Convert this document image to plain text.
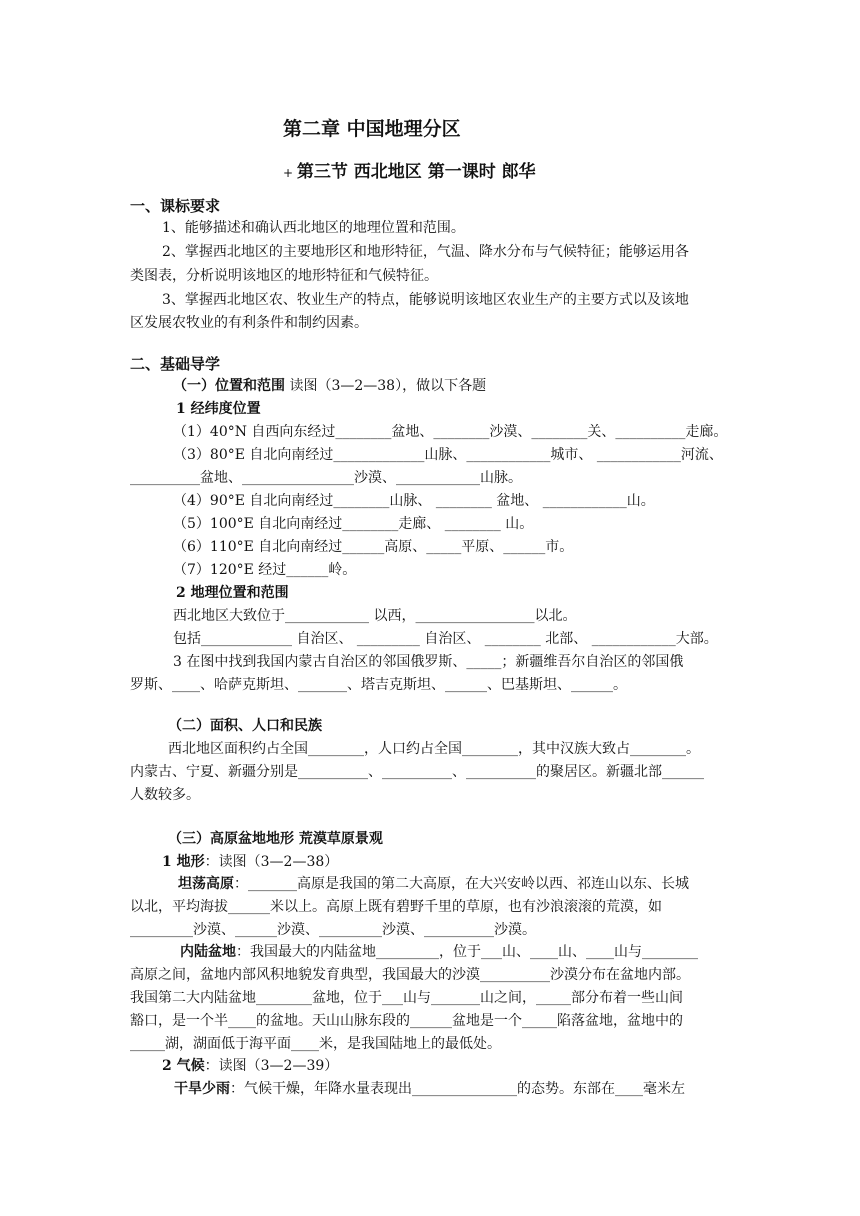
第二章 中国地理分区
+ 第三节 西北地区 第一课时 郎华
一、课标要求
1、能够描述和确认西北地区的地理位置和范围。
2、掌握西北地区的主要地形区和地形特征，气温、降水分布与气候特征；能够运用各
类图表，分析说明该地区的地形特征和气候特征。
3、掌握西北地区农、牧业生产的特点，能够说明该地区农业生产的主要方式以及该地
区发展农牧业的有利条件和制约因素。
二、基础导学
（一）位置和范围 读图（3—2—38），做以下各题
1 经纬度位置
（1）40°N 自西向东经过________盆地、________沙漠、________关、__________走廊。
（3）80°E 自北向南经过_____________山脉、____________城市、 ____________河流、
__________盆地、________________沙漠、____________山脉。
（4）90°E 自北向南经过________山脉、 ________ 盆地、 ____________山。
（5）100°E 自北向南经过________走廊、 ________ 山。
（6）110°E 自北向南经过______高原、_____平原、______市。
（7）120°E 经过______岭。
2 地理位置和范围
西北地区大致位于____________ 以西，_________________以北。
包括_____________ 自治区、 _________ 自治区、 ________ 北部、 ____________大部。
3 在图中找到我国内蒙古自治区的邻国俄罗斯、_____；新疆维吾尔自治区的邻国俄
罗斯、____、哈萨克斯坦、_______、塔吉克斯坦、______、巴基斯坦、______。
（二）面积、人口和民族
西北地区面积约占全国________，人口约占全国________，其中汉族大致占________。
内蒙古、宁夏、新疆分别是__________、__________、__________的聚居区。新疆北部______
人数较多。
（三）高原盆地地形 荒漠草原景观
1 地形：读图（3—2—38）
坦荡高原：_______高原是我国的第二大高原，在大兴安岭以西、祁连山以东、长城
以北，平均海拔______米以上。高原上既有碧野千里的草原，也有沙浪滚滚的荒漠，如
_________沙漠、______沙漠、_________沙漠、__________沙漠。
内陆盆地：我国最大的内陆盆地_________，位于___山、____山、____山与________
高原之间，盆地内部风积地貌发育典型，我国最大的沙漠__________沙漠分布在盆地内部。
我国第二大内陆盆地________盆地，位于___山与_______山之间，_____部分布着一些山间
豁口，是一个半____的盆地。天山山脉东段的______盆地是一个_____陷落盆地，盆地中的
_____湖，湖面低于海平面____米，是我国陆地上的最低处。
2 气候：读图（3—2—39）
干旱少雨：气候干燥，年降水量表现出_______________的态势。东部在____毫米左
